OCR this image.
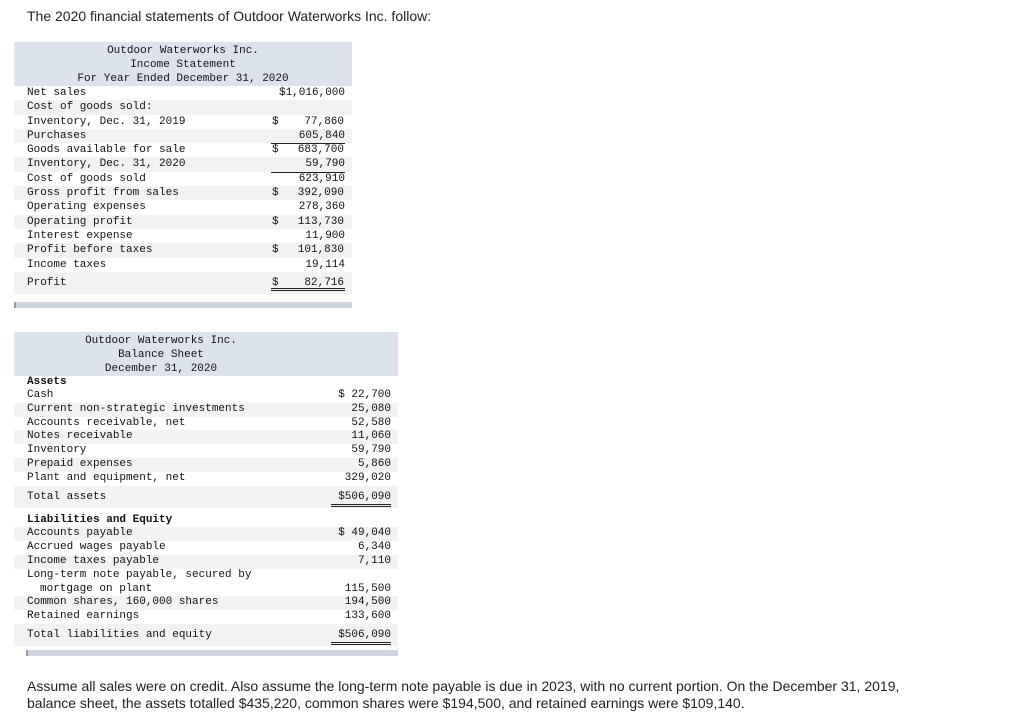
The 2020 financial statements of Outdoor Waterworks Inc. follow:
Outdoor Waterworks Inc.
Income Statement
For Year Ended December 31, 2020
Net sales	$1,016,000
Cost of goods sold:
Inventory, Dec. 31, 2019	$	77,860
Purchases	605,840
Goods available for sale	$	683,700
Inventory, Dec. 31, 2020	59,790
Cost of goods sold	623,910
Gross profit from sales	$	392,090
Operating expenses	278,360
Operating profit	$	113,730
Interest expense	11,900
Profit before taxes	$	101,830
Income taxes	19,114
Profit	$	82,716
Outdoor Waterworks Inc.
Balance Sheet
December 31, 2020
Assets
Cash	$ 22,700
Current non-strategic investments	25,080
Accounts receivable, net	52,580
Notes receivable	11,060
Inventory	59,790
Prepaid expenses	5,860
Plant and equipment, net	329,020
Total assets	$506,090
Liabilities and Equity
Accounts payable	$ 49,040
Accrued wages payable	6,340
Income taxes payable	7,110
Long-term note payable, secured by
mortgage on plant	115,500
Common shares, 160,000 shares	194,500
Retained earnings	133,600
Total liabilities and equity	$506,090
Assume all sales were on credit. Also assume the long-term note payable is due in 2023, with no current portion. On the December 31, 2019, balance sheet, the assets totalled $435,220, common shares were $194,500, and retained earnings were $109,140.
